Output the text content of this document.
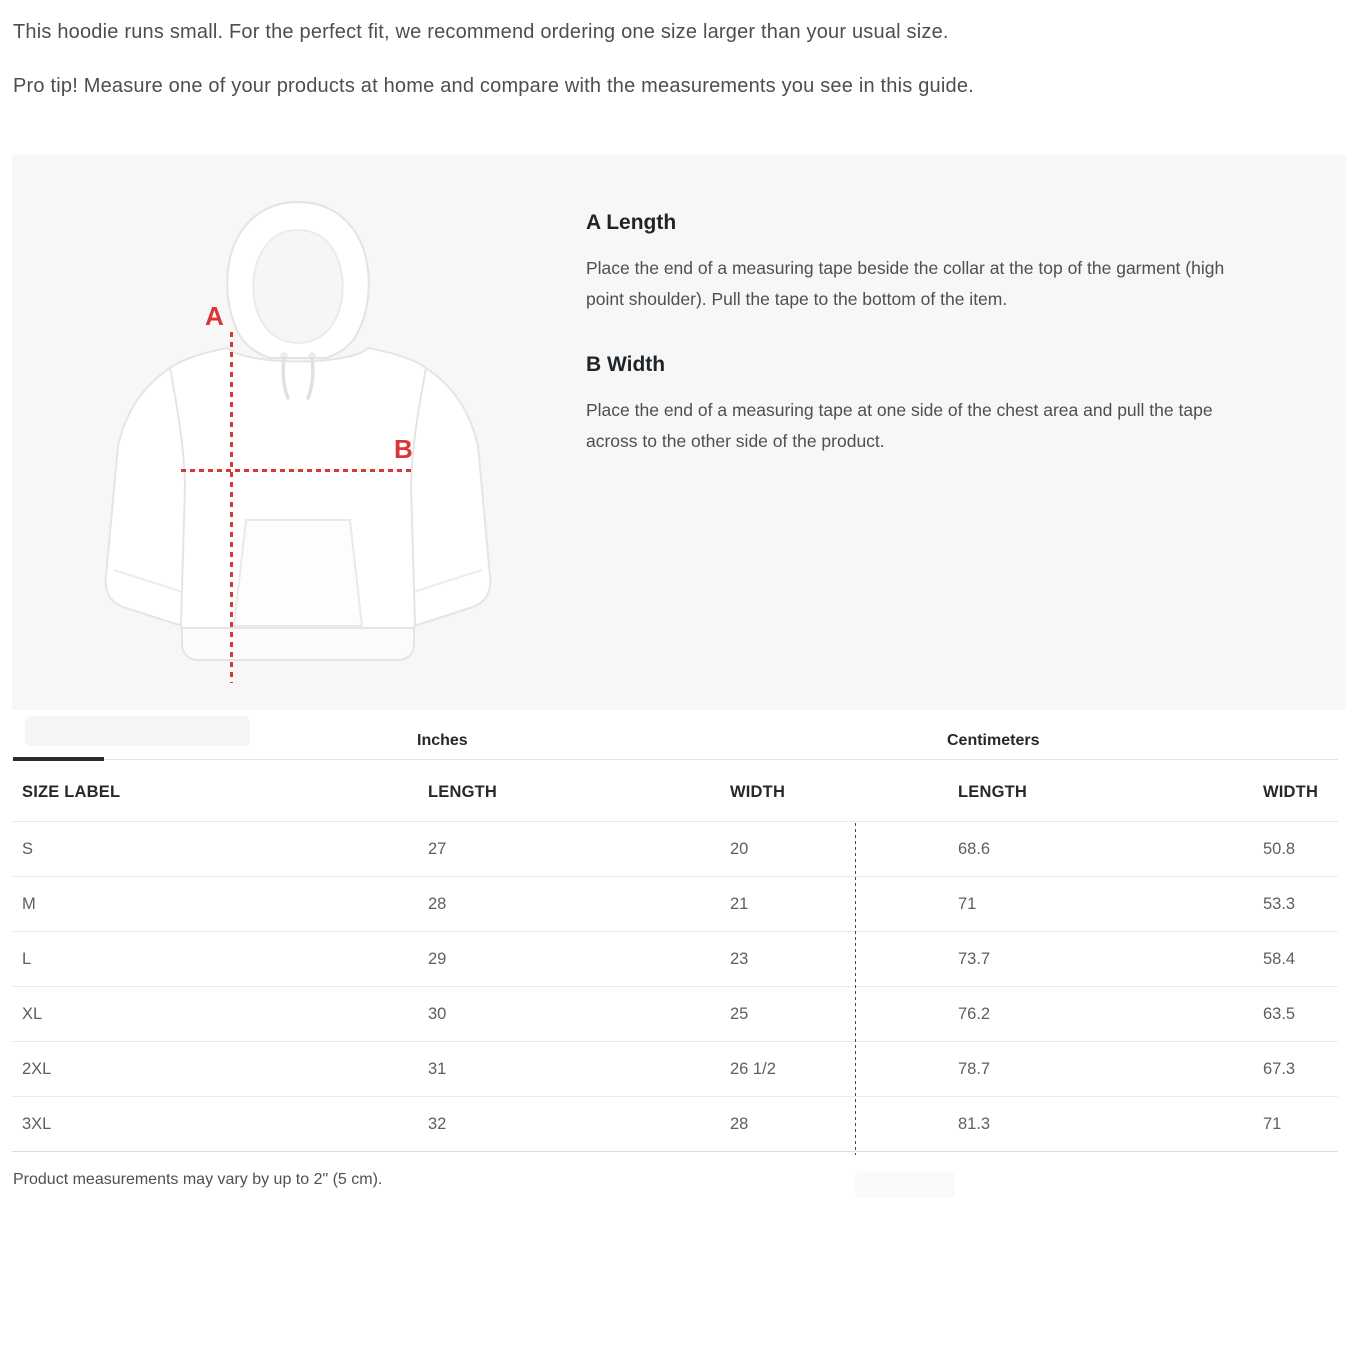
This hoodie runs small. For the perfect fit, we recommend ordering one size larger than your usual size.

Pro tip! Measure one of your products at home and compare with the measurements you see in this guide.

A
B
A Length

Place the end of a measuring tape beside the collar at the top of the garment (high point shoulder). Pull the tape to the bottom of the item.

B Width

Place the end of a measuring tape at one side of the chest area and pull the tape across to the other side of the product.

Inches	Centimeters
SIZE LABEL	LENGTH	WIDTH	LENGTH	WIDTH
S	27	20	68.6	50.8
M	28	21	71	53.3
L	29	23	73.7	58.4
XL	30	25	76.2	63.5
2XL	31	26 1/2	78.7	67.3
3XL	32	28	81.3	71

Product measurements may vary by up to 2" (5 cm).
